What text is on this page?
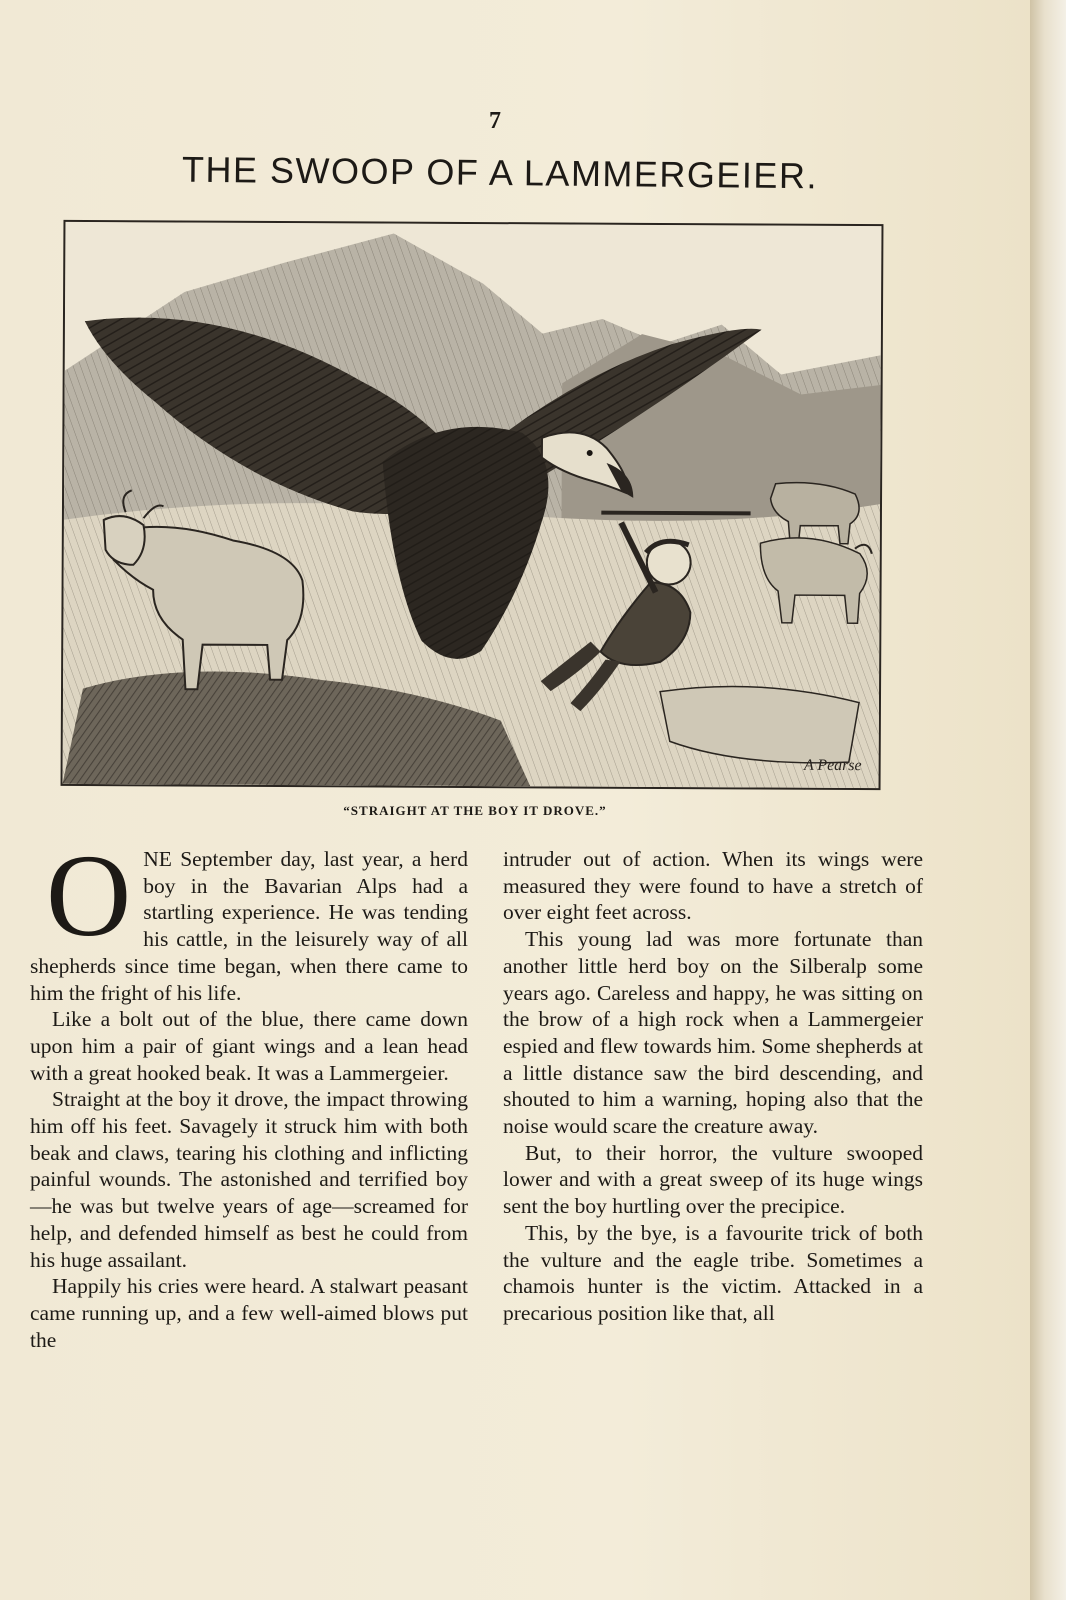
7
THE SWOOP OF A LAMMERGEIER.
A Pearse
“STRAIGHT AT THE BOY IT DROVE.”

O NE September day, last year, a herd boy in the Bavarian Alps had a startling experience. He was tending his cattle, in the leisurely way of all shepherds since time began, when there came to him the fright of his life.

Like a bolt out of the blue, there came down upon him a pair of giant wings and a lean head with a great hooked beak. It was a Lammergeier.

Straight at the boy it drove, the impact throwing him off his feet. Savagely it struck him with both beak and claws, tearing his clothing and inflicting painful wounds. The astonished and terrified boy—he was but twelve years of age—screamed for help, and defended himself as best he could from his huge assailant.

Happily his cries were heard. A stalwart peasant came running up, and a few well-aimed blows put the

intruder out of action. When its wings were measured they were found to have a stretch of over eight feet across.

This young lad was more fortunate than another little herd boy on the Silberalp some years ago. Careless and happy, he was sitting on the brow of a high rock when a Lammergeier espied and flew towards him. Some shepherds at a little distance saw the bird descending, and shouted to him a warning, hoping also that the noise would scare the creature away.

But, to their horror, the vulture swooped lower and with a great sweep of its huge wings sent the boy hurtling over the precipice.

This, by the bye, is a favourite trick of both the vulture and the eagle tribe. Sometimes a chamois hunter is the victim. Attacked in a precarious position like that, all
